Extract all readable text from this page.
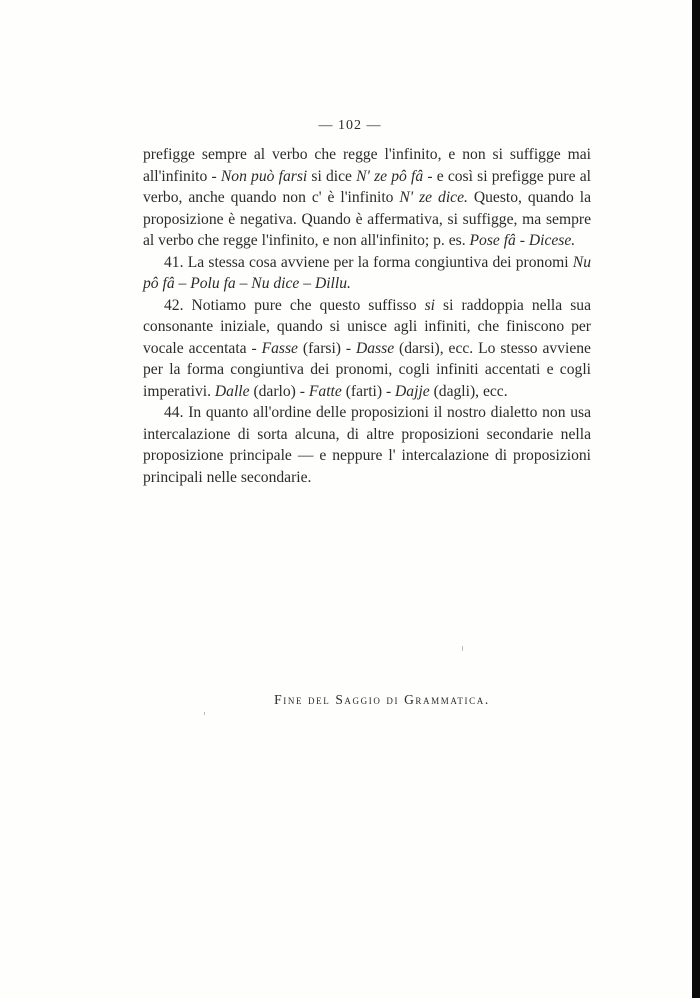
— 102 —

prefigge sempre al verbo che regge l'infinito, e non si suffigge mai all'infinito - Non può farsi si dice N' ze pô fâ - e così si prefigge pure al verbo, anche quando non c' è l'infinito N' ze dice. Questo, quando la proposizione è negativa. Quando è affermativa, si suffigge, ma sempre al verbo che regge l'infinito, e non all'infinito; p. es. Pose fâ - Dicese.

41. La stessa cosa avviene per la forma congiuntiva dei pronomi Nu pô fâ – Polu fa – Nu dice – Dillu.

42. Notiamo pure che questo suffisso si si raddoppia nella sua consonante iniziale, quando si unisce agli infiniti, che finiscono per vocale accentata - Fasse (farsi) - Dasse (darsi), ecc. Lo stesso avviene per la forma congiuntiva dei pronomi, cogli infiniti accentati e cogli imperativi. Dalle (darlo) - Fatte (farti) - Dajje (dagli), ecc.

44. In quanto all'ordine delle proposizioni il nostro dialetto non usa intercalazione di sorta alcuna, di altre proposizioni secondarie nella proposizione principale — e neppure l' intercalazione di proposizioni principali nelle secondarie.

Fine del Saggio di Grammatica.
